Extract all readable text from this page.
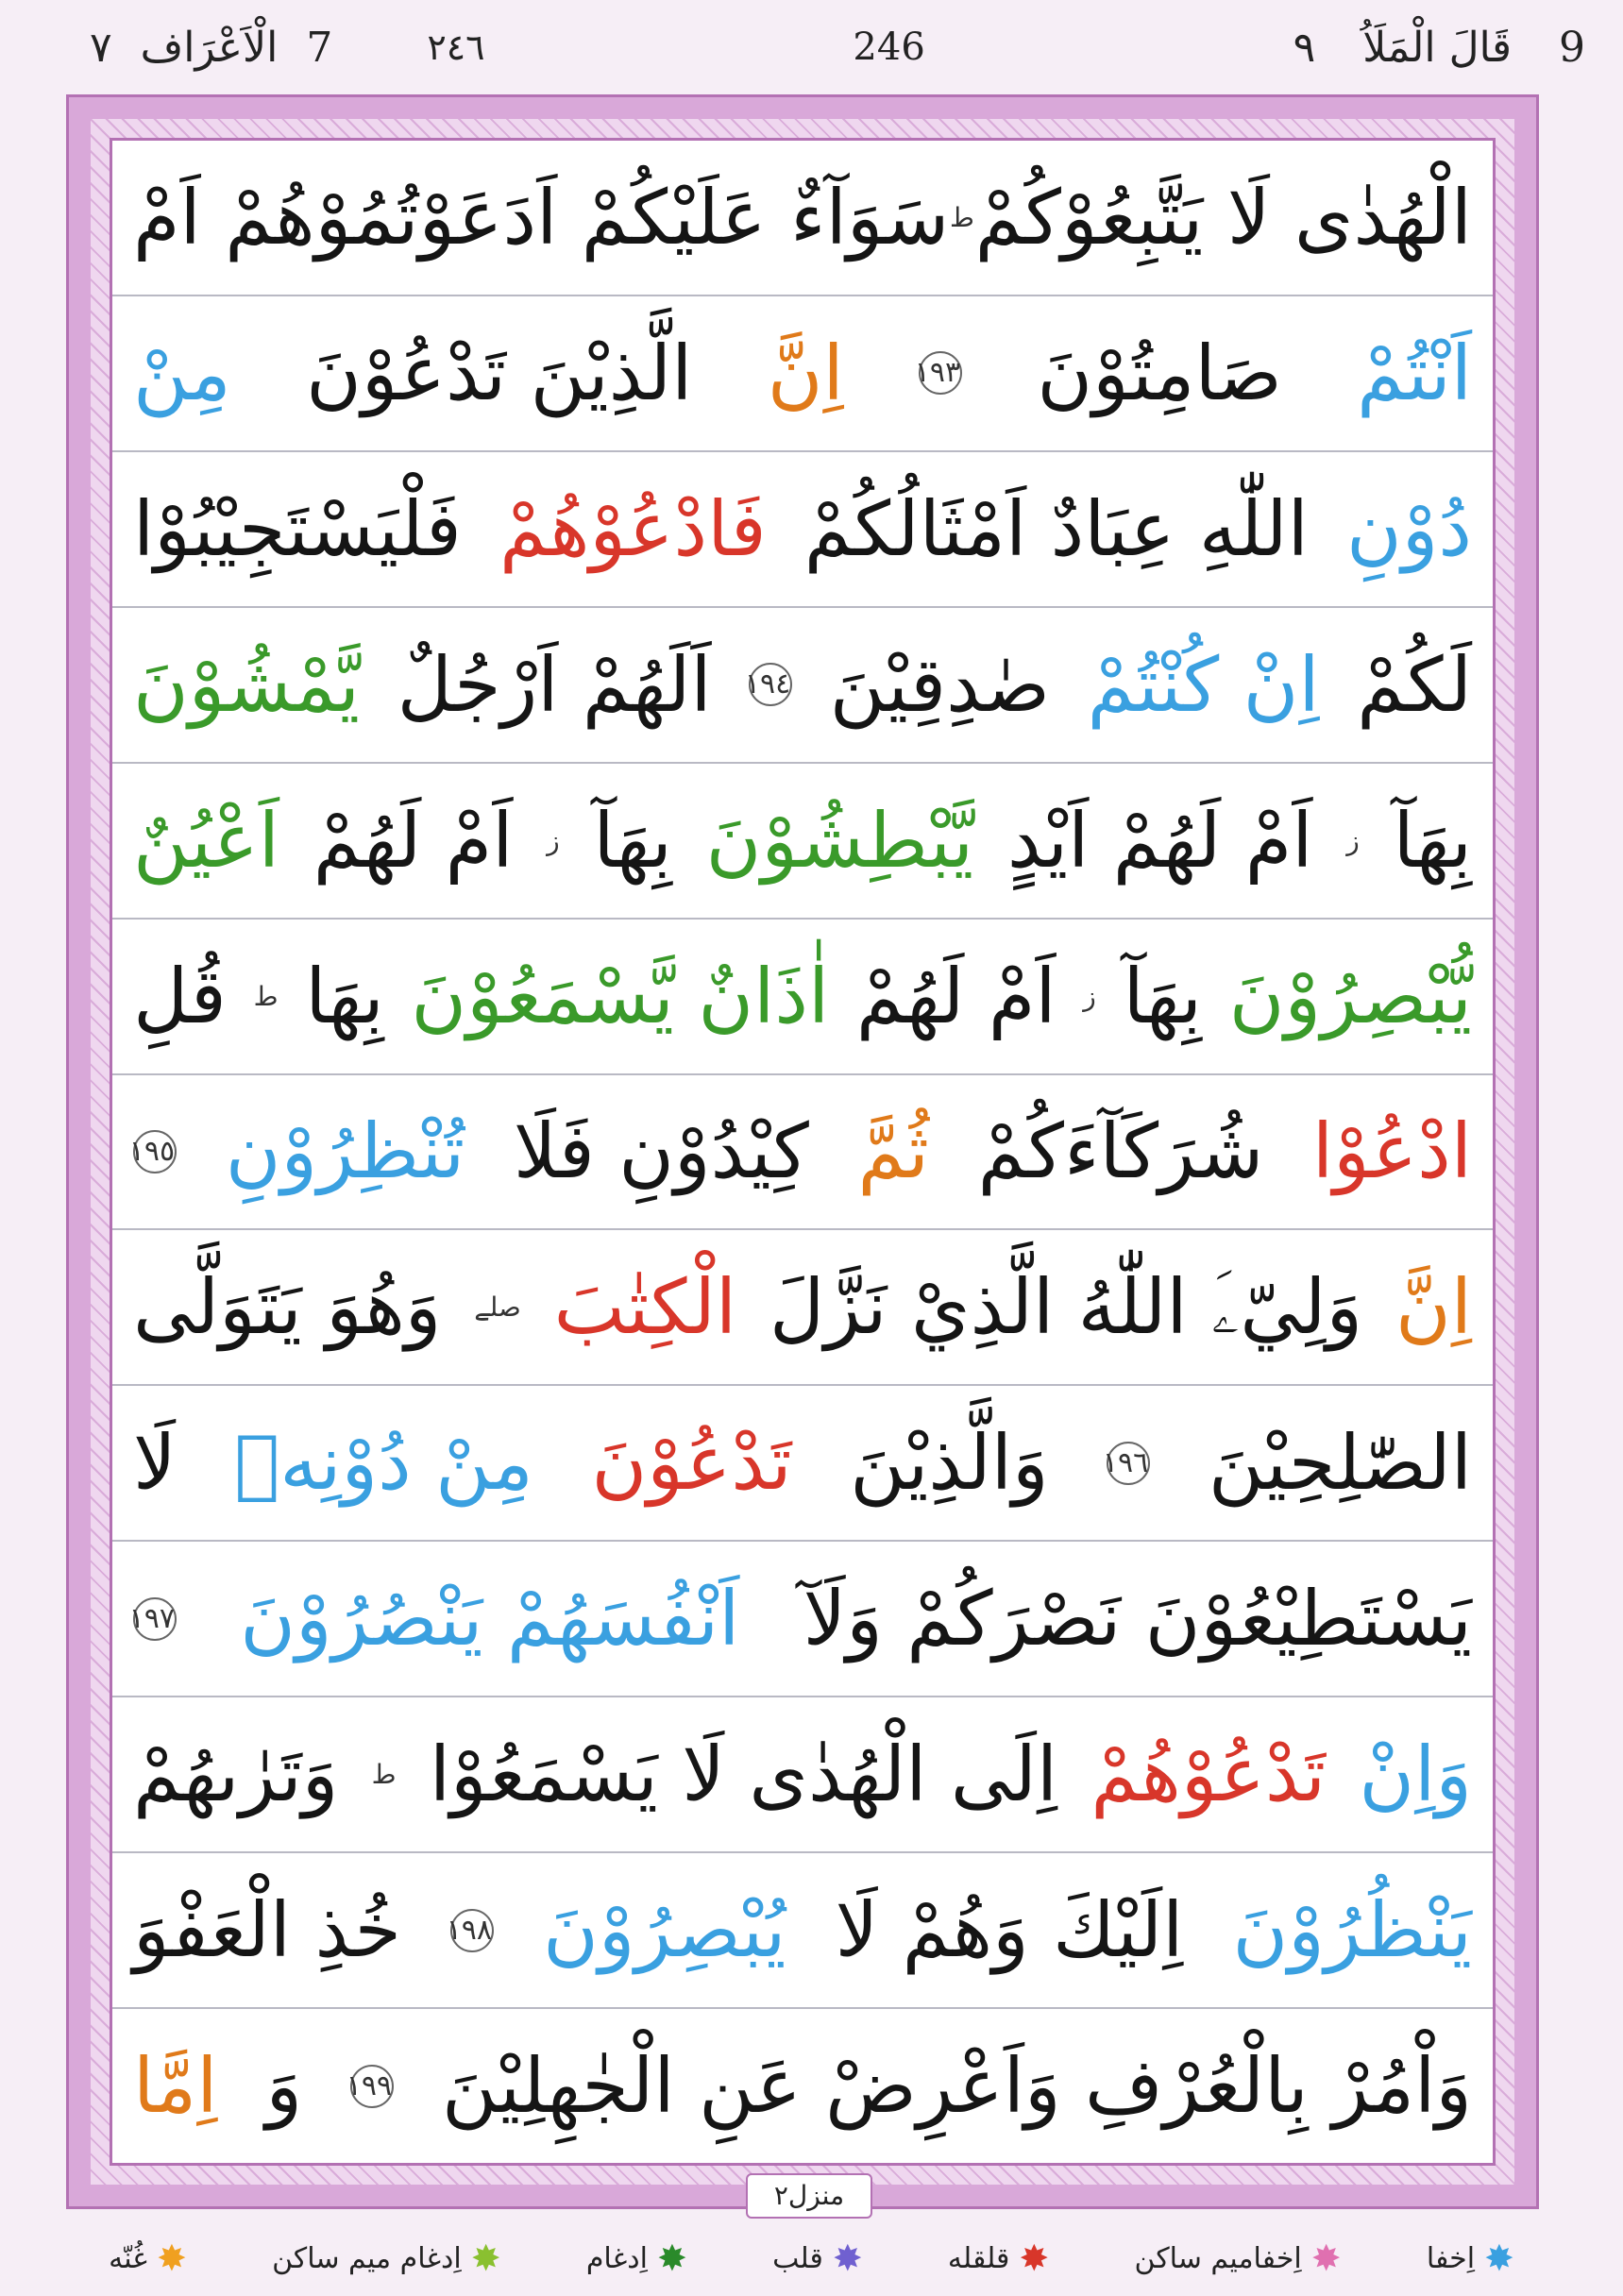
٧ الْاَعْرَاف 7	٢٤٦	246	٩ قَالَ الْمَلَاُ 9
الْهُدٰى لَا يَتَّبِعُوْكُمْ
ط
سَوَآءٌ عَلَيْكُمْ اَدَعَوْتُمُوْهُمْ اَمْ
اَنْتُمْ
صَامِتُوْنَ
١٩٣
اِنَّ
الَّذِيْنَ تَدْعُوْنَ
مِنْ
دُوْنِ
اللّٰهِ عِبَادٌ اَمْثَالُكُمْ
فَادْعُوْهُمْ
فَلْيَسْتَجِيْبُوْا
لَكُمْ
اِنْ كُنْتُمْ
صٰدِقِيْنَ
١٩٤
اَلَهُمْ اَرْجُلٌ
يَّمْشُوْنَ
بِهَآ
ز
اَمْ لَهُمْ اَيْدٍ
يَّبْطِشُوْنَ
بِهَآ
ز
اَمْ لَهُمْ
اَعْيُنٌ
يُّبْصِرُوْنَ
بِهَآ
ز
اَمْ لَهُمْ
اٰذَانٌ يَّسْمَعُوْنَ
بِهَا
ط
قُلِ
ادْعُوْا
شُرَكَآءَكُمْ
ثُمَّ
كِيْدُوْنِ فَلَا
تُنْظِرُوْنِ
١٩٥
اِنَّ
وَلِيّۦَ اللّٰهُ الَّذِيْ نَزَّلَ
الْكِتٰبَ
صلے
وَهُوَ يَتَوَلَّى
الصّٰلِحِيْنَ
١٩٦
وَالَّذِيْنَ
تَدْعُوْنَ
مِنْ دُوْنِهٖ
لَا
يَسْتَطِيْعُوْنَ نَصْرَكُمْ وَلَآ
اَنْفُسَهُمْ يَنْصُرُوْنَ
١٩٧
وَاِنْ
تَدْعُوْهُمْ
اِلَى الْهُدٰى لَا يَسْمَعُوْا
ط
وَتَرٰىهُمْ
يَنْظُرُوْنَ
اِلَيْكَ وَهُمْ لَا
يُبْصِرُوْنَ
١٩٨
خُذِ الْعَفْوَ
وَاْمُرْ بِالْعُرْفِ وَاَعْرِضْ عَنِ الْجٰهِلِيْنَ
١٩٩
وَ
اِمَّا
منزل٢
✸
اِخفا
✸
اِخفامیم ساکن
✸
قلقله
✸
قلب
✸
اِدغام
✸
اِدغام میم ساکن
✸
غُنّه
